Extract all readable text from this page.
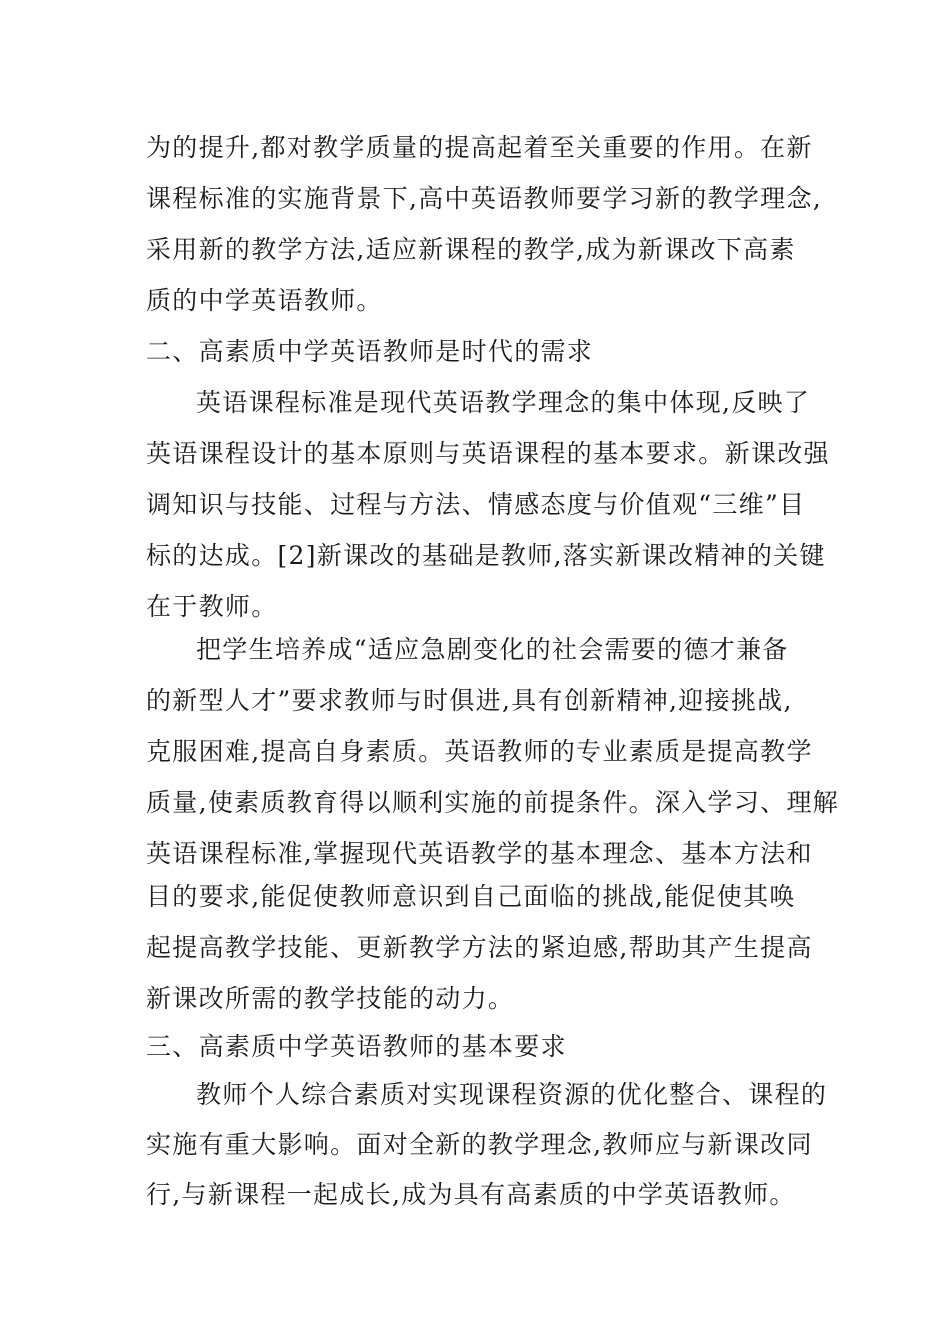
为的提升,都对教学质量的提高起着至关重要的作用。在新
课程标准的实施背景下,高中英语教师要学习新的教学理念,
采用新的教学方法,适应新课程的教学,成为新课改下高素
质的中学英语教师。
二、高素质中学英语教师是时代的需求
英语课程标准是现代英语教学理念的集中体现,反映了
英语课程设计的基本原则与英语课程的基本要求。新课改强
调知识与技能、过程与方法、情感态度与价值观“三维”目
标的达成。[2]新课改的基础是教师,落实新课改精神的关键
在于教师。
把学生培养成“适应急剧变化的社会需要的德才兼备
的新型人才”要求教师与时俱进,具有创新精神,迎接挑战,
克服困难,提高自身素质。英语教师的专业素质是提高教学
质量,使素质教育得以顺利实施的前提条件。深入学习、理解
英语课程标准,掌握现代英语教学的基本理念、基本方法和
目的要求,能促使教师意识到自己面临的挑战,能促使其唤
起提高教学技能、更新教学方法的紧迫感,帮助其产生提高
新课改所需的教学技能的动力。
三、高素质中学英语教师的基本要求
教师个人综合素质对实现课程资源的优化整合、课程的
实施有重大影响。面对全新的教学理念,教师应与新课改同
行,与新课程一起成长,成为具有高素质的中学英语教师。
